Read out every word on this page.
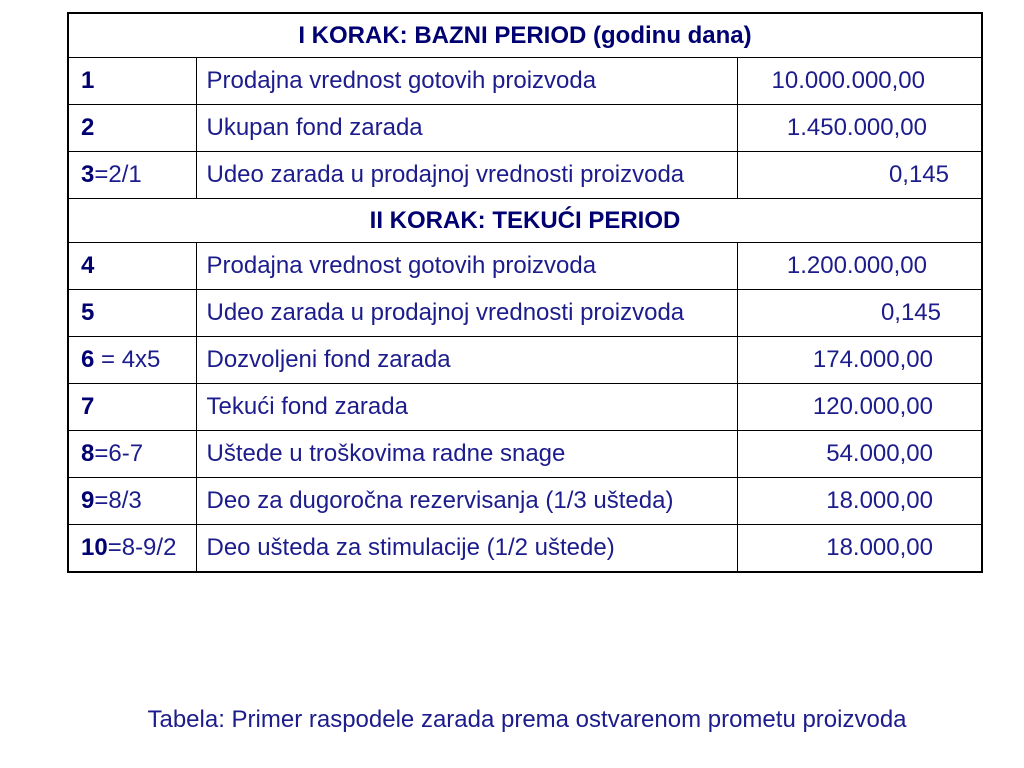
I KORAK: BAZNI PERIOD (godinu dana)		
1	Prodajna vrednost gotovih proizvoda	10.000.000,00
2	Ukupan fond zarada	1.450.000,00
3=2/1	Udeo zarada u prodajnoj vrednosti proizvoda	0,145
II KORAK: TEKUĆI PERIOD		
4	Prodajna vrednost gotovih proizvoda	1.200.000,00
5	Udeo zarada u prodajnoj vrednosti proizvoda	0,145
6 = 4x5	Dozvoljeni fond zarada	174.000,00
7	Tekući fond zarada	120.000,00
8=6-7	Uštede u troškovima radne snage	54.000,00
9=8/3	Deo za dugoročna rezervisanja (1/3 ušteda)	18.000,00
10=8-9/2	Deo ušteda za stimulacije (1/2 uštede)	18.000,00
Tabela: Primer raspodele zarada prema ostvarenom prometu proizvoda
